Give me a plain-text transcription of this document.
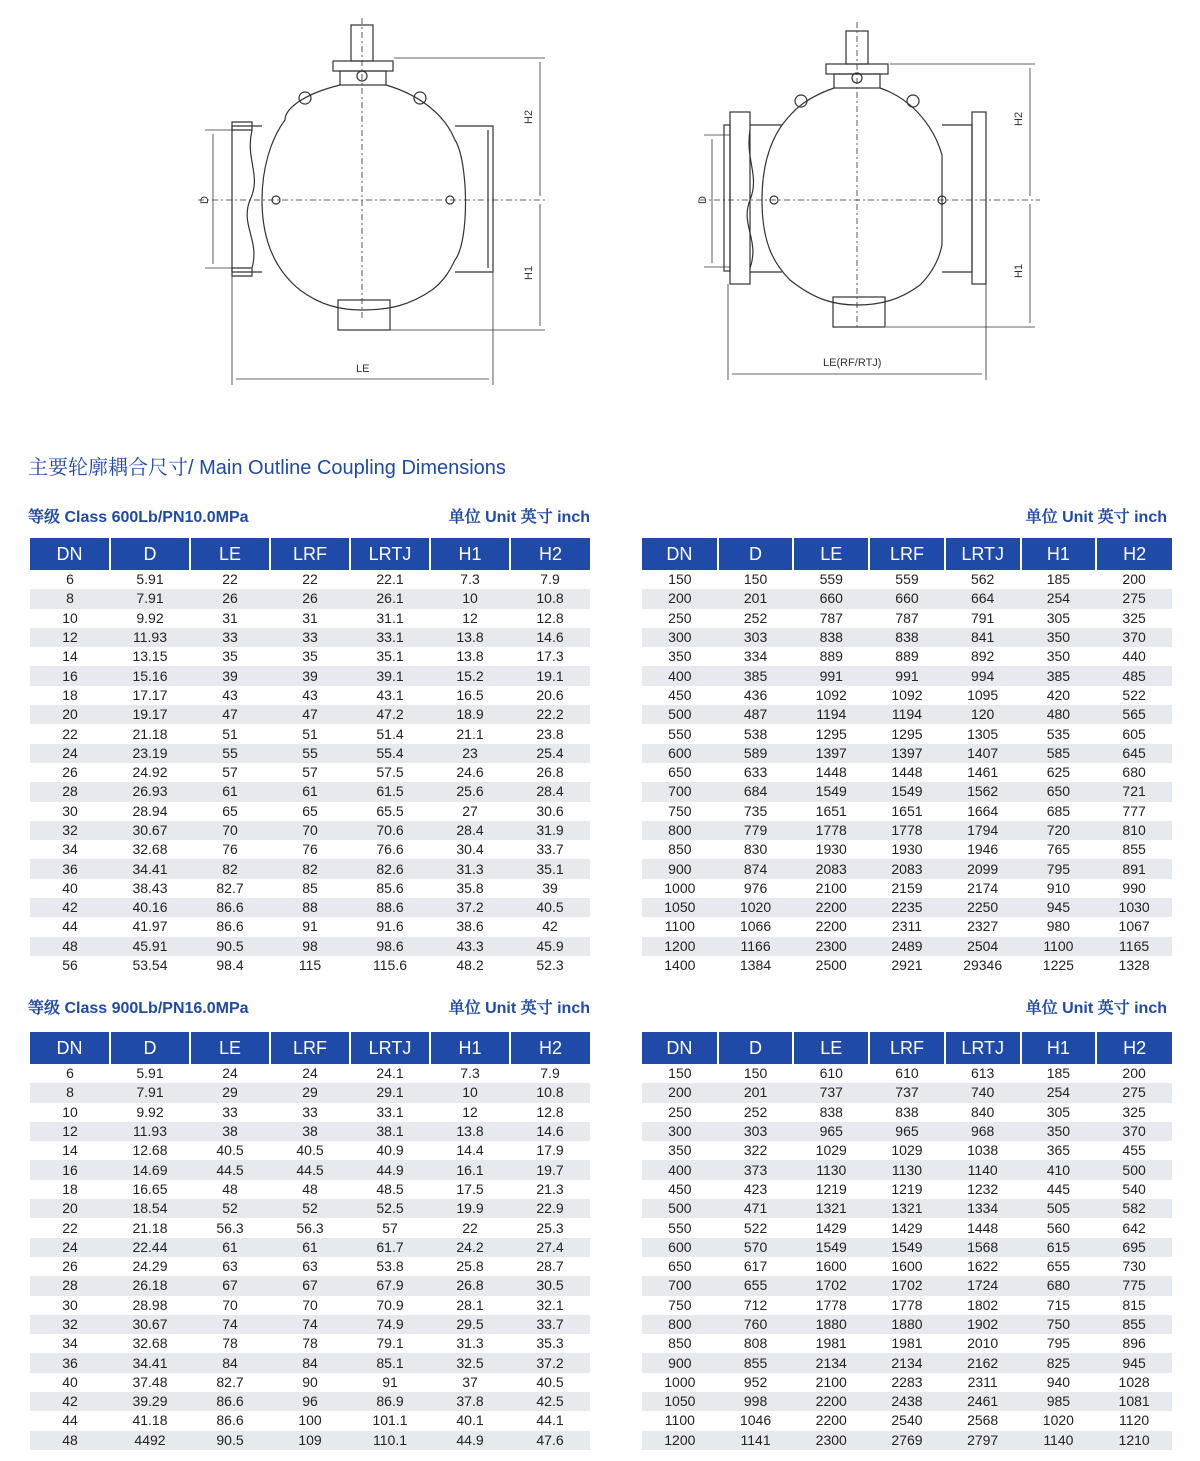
D
H2
H1
LE
D
H2
H1
LE(RF/RTJ)
主要轮廓耦合尺寸/ Main Outline Coupling Dimensions
等级 Class 600Lb/PN10.0MPa	单位 Unit 英寸 inch	单位 Unit 英寸 inch
DN	D	LE	LRF	LRTJ	H1	H2
6	5.91	22	22	22.1	7.3	7.9
8	7.91	26	26	26.1	10	10.8
10	9.92	31	31	31.1	12	12.8
12	11.93	33	33	33.1	13.8	14.6
14	13.15	35	35	35.1	13.8	17.3
16	15.16	39	39	39.1	15.2	19.1
18	17.17	43	43	43.1	16.5	20.6
20	19.17	47	47	47.2	18.9	22.2
22	21.18	51	51	51.4	21.1	23.8
24	23.19	55	55	55.4	23	25.4
26	24.92	57	57	57.5	24.6	26.8
28	26.93	61	61	61.5	25.6	28.4
30	28.94	65	65	65.5	27	30.6
32	30.67	70	70	70.6	28.4	31.9
34	32.68	76	76	76.6	30.4	33.7
36	34.41	82	82	82.6	31.3	35.1
40	38.43	82.7	85	85.6	35.8	39
42	40.16	86.6	88	88.6	37.2	40.5
44	41.97	86.6	91	91.6	38.6	42
48	45.91	90.5	98	98.6	43.3	45.9
56	53.54	98.4	115	115.6	48.2	52.3
DN	D	LE	LRF	LRTJ	H1	H2
150	150	559	559	562	185	200
200	201	660	660	664	254	275
250	252	787	787	791	305	325
300	303	838	838	841	350	370
350	334	889	889	892	350	440
400	385	991	991	994	385	485
450	436	1092	1092	1095	420	522
500	487	1194	1194	120	480	565
550	538	1295	1295	1305	535	605
600	589	1397	1397	1407	585	645
650	633	1448	1448	1461	625	680
700	684	1549	1549	1562	650	721
750	735	1651	1651	1664	685	777
800	779	1778	1778	1794	720	810
850	830	1930	1930	1946	765	855
900	874	2083	2083	2099	795	891
1000	976	2100	2159	2174	910	990
1050	1020	2200	2235	2250	945	1030
1100	1066	2200	2311	2327	980	1067
1200	1166	2300	2489	2504	1100	1165
1400	1384	2500	2921	29346	1225	1328
等级 Class 900Lb/PN16.0MPa	单位 Unit 英寸 inch	单位 Unit 英寸 inch
DN	D	LE	LRF	LRTJ	H1	H2
6	5.91	24	24	24.1	7.3	7.9
8	7.91	29	29	29.1	10	10.8
10	9.92	33	33	33.1	12	12.8
12	11.93	38	38	38.1	13.8	14.6
14	12.68	40.5	40.5	40.9	14.4	17.9
16	14.69	44.5	44.5	44.9	16.1	19.7
18	16.65	48	48	48.5	17.5	21.3
20	18.54	52	52	52.5	19.9	22.9
22	21.18	56.3	56.3	57	22	25.3
24	22.44	61	61	61.7	24.2	27.4
26	24.29	63	63	53.8	25.8	28.7
28	26.18	67	67	67.9	26.8	30.5
30	28.98	70	70	70.9	28.1	32.1
32	30.67	74	74	74.9	29.5	33.7
34	32.68	78	78	79.1	31.3	35.3
36	34.41	84	84	85.1	32.5	37.2
40	37.48	82.7	90	91	37	40.5
42	39.29	86.6	96	86.9	37.8	42.5
44	41.18	86.6	100	101.1	40.1	44.1
48	4492	90.5	109	110.1	44.9	47.6
DN	D	LE	LRF	LRTJ	H1	H2
150	150	610	610	613	185	200
200	201	737	737	740	254	275
250	252	838	838	840	305	325
300	303	965	965	968	350	370
350	322	1029	1029	1038	365	455
400	373	1130	1130	1140	410	500
450	423	1219	1219	1232	445	540
500	471	1321	1321	1334	505	582
550	522	1429	1429	1448	560	642
600	570	1549	1549	1568	615	695
650	617	1600	1600	1622	655	730
700	655	1702	1702	1724	680	775
750	712	1778	1778	1802	715	815
800	760	1880	1880	1902	750	855
850	808	1981	1981	2010	795	896
900	855	2134	2134	2162	825	945
1000	952	2100	2283	2311	940	1028
1050	998	2200	2438	2461	985	1081
1100	1046	2200	2540	2568	1020	1120
1200	1141	2300	2769	2797	1140	1210
